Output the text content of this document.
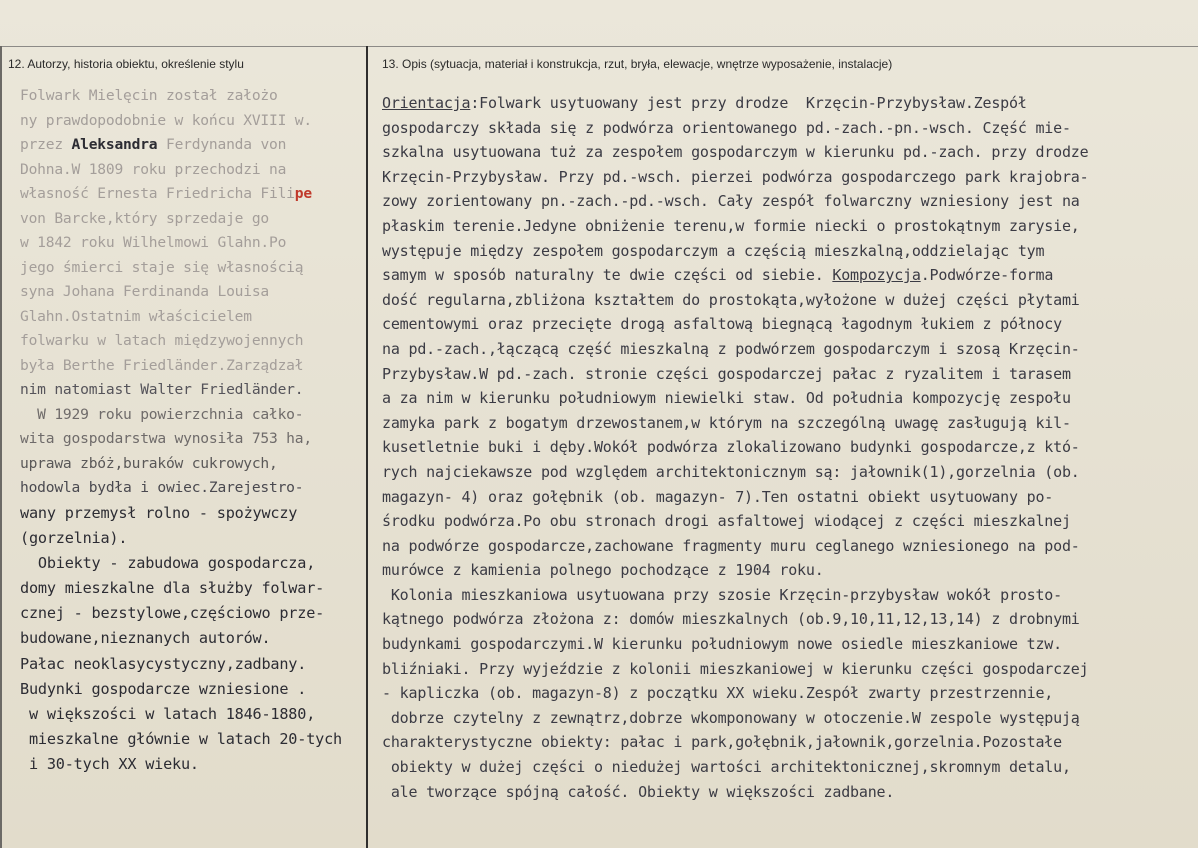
12. Autorzy, historia obiektu, określenie stylu	13. Opis (sytuacja, materiał i konstrukcja, rzut, bryła, elewacje, wnętrze wyposażenie, instalacje)
Folwark Mielęcin został założo
ny prawdopodobnie w końcu XVIII w.
przez Aleksandra Ferdynanda von
Dohna.W 1809 roku przechodzi na
własność Ernesta Friedricha Filipe
von Barcke,który sprzedaje go
w 1842 roku Wilhelmowi Glahn.Po
jego śmierci staje się własnością
syna Johana Ferdinanda Louisa
Glahn.Ostatnim właścicielem
folwarku w latach międzywojennych
była Berthe Friedländer.Zarządzał
nim natomiast Walter Friedländer.
W 1929 roku powierzchnia całko-
wita gospodarstwa wynosiła 753 ha,
uprawa zbóż,buraków cukrowych,
hodowla bydła i owiec.Zarejestro-
wany przemysł rolno - spożywczy
(gorzelnia).
Obiekty - zabudowa gospodarcza,
domy mieszkalne dla służby folwar-
cznej - bezstylowe,częściowo prze-
budowane,nieznanych autorów.
Pałac neoklasycystyczny,zadbany.
Budynki gospodarcze wzniesione .
w większości w latach 1846-1880,
mieszkalne głównie w latach 20-tych
i 30-tych XX wieku.
Orientacja:Folwark usytuowany jest przy drodze  Krzęcin-Przybysław.Zespół
gospodarczy składa się z podwórza orientowanego pd.-zach.-pn.-wsch. Część mie-
szkalna usytuowana tuż za zespołem gospodarczym w kierunku pd.-zach. przy drodze
Krzęcin-Przybysław. Przy pd.-wsch. pierzei podwórza gospodarczego park krajobra-
zowy zorientowany pn.-zach.-pd.-wsch. Cały zespół folwarczny wzniesiony jest na
płaskim terenie.Jedyne obniżenie terenu,w formie niecki o prostokątnym zarysie,
występuje między zespołem gospodarczym a częścią mieszkalną,oddzielając tym
samym w sposób naturalny te dwie części od siebie. Kompozycja.Podwórze-forma
dość regularna,zbliżona kształtem do prostokąta,wyłożone w dużej części płytami
cementowymi oraz przecięte drogą asfaltową biegnącą łagodnym łukiem z północy
na pd.-zach.,łączącą część mieszkalną z podwórzem gospodarczym i szosą Krzęcin-
Przybysław.W pd.-zach. stronie części gospodarczej pałac z ryzalitem i tarasem
a za nim w kierunku południowym niewielki staw. Od południa kompozycję zespołu
zamyka park z bogatym drzewostanem,w którym na szczególną uwagę zasługują kil-
kusetletnie buki i dęby.Wokół podwórza zlokalizowano budynki gospodarcze,z któ-
rych najciekawsze pod względem architektonicznym są: jałownik(1),gorzelnia (ob.
magazyn- 4) oraz gołębnik (ob. magazyn- 7).Ten ostatni obiekt usytuowany po-
środku podwórza.Po obu stronach drogi asfaltowej wiodącej z części mieszkalnej
na podwórze gospodarcze,zachowane fragmenty muru ceglanego wzniesionego na pod-
murówce z kamienia polnego pochodzące z 1904 roku.
Kolonia mieszkaniowa usytuowana przy szosie Krzęcin-przybysław wokół prosto-
kątnego podwórza złożona z: domów mieszkalnych (ob.9,10,11,12,13,14) z drobnymi
budynkami gospodarczymi.W kierunku południowym nowe osiedle mieszkaniowe tzw.
bliźniaki. Przy wyjeździe z kolonii mieszkaniowej w kierunku części gospodarczej
- kapliczka (ob. magazyn-8) z początku XX wieku.Zespół zwarty przestrzennie,
dobrze czytelny z zewnątrz,dobrze wkomponowany w otoczenie.W zespole występują
charakterystyczne obiekty: pałac i park,gołębnik,jałownik,gorzelnia.Pozostałe
obiekty w dużej części o niedużej wartości architektonicznej,skromnym detalu,
ale tworzące spójną całość. Obiekty w większości zadbane.
